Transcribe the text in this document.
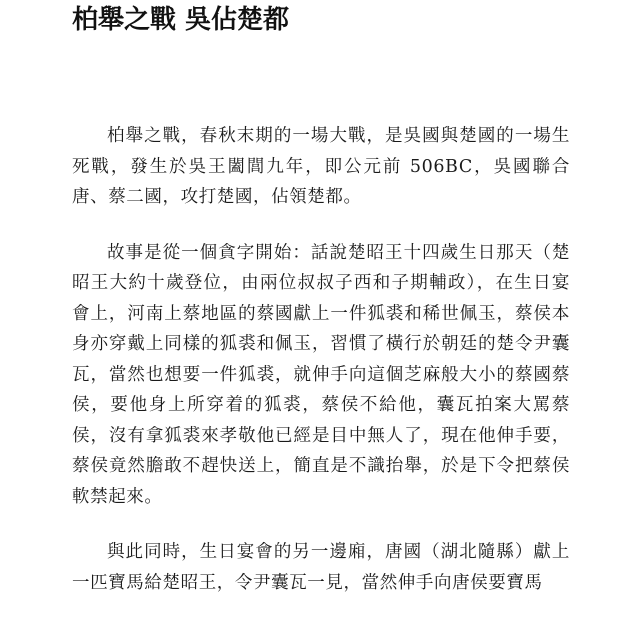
柏舉之戰 吳佔楚都

柏舉之戰，春秋末期的一場大戰，是吳國與楚國的一場生死戰，發生於吳王闔閭九年，即公元前 506BC，吳國聯合唐、蔡二國，攻打楚國，佔領楚都。

故事是從一個貪字開始：話說楚昭王十四歲生日那天（楚昭王大約十歲登位，由兩位叔叔子西和子期輔政），在生日宴會上，河南上蔡地區的蔡國獻上一件狐裘和稀世佩玉，蔡侯本身亦穿戴上同樣的狐裘和佩玉，習慣了橫行於朝廷的楚令尹囊瓦，當然也想要一件狐裘，就伸手向這個芝麻般大小的蔡國蔡侯，要他身上所穿着的狐裘，蔡侯不給他，囊瓦拍案大罵蔡侯，沒有拿狐裘來孝敬他已經是目中無人了，現在他伸手要，蔡侯竟然膽敢不趕快送上，簡直是不識抬舉，於是下令把蔡侯軟禁起來。

與此同時，生日宴會的另一邊廂，唐國（湖北隨縣）獻上一匹寶馬給楚昭王，令尹囊瓦一見，當然伸手向唐侯要寶馬
